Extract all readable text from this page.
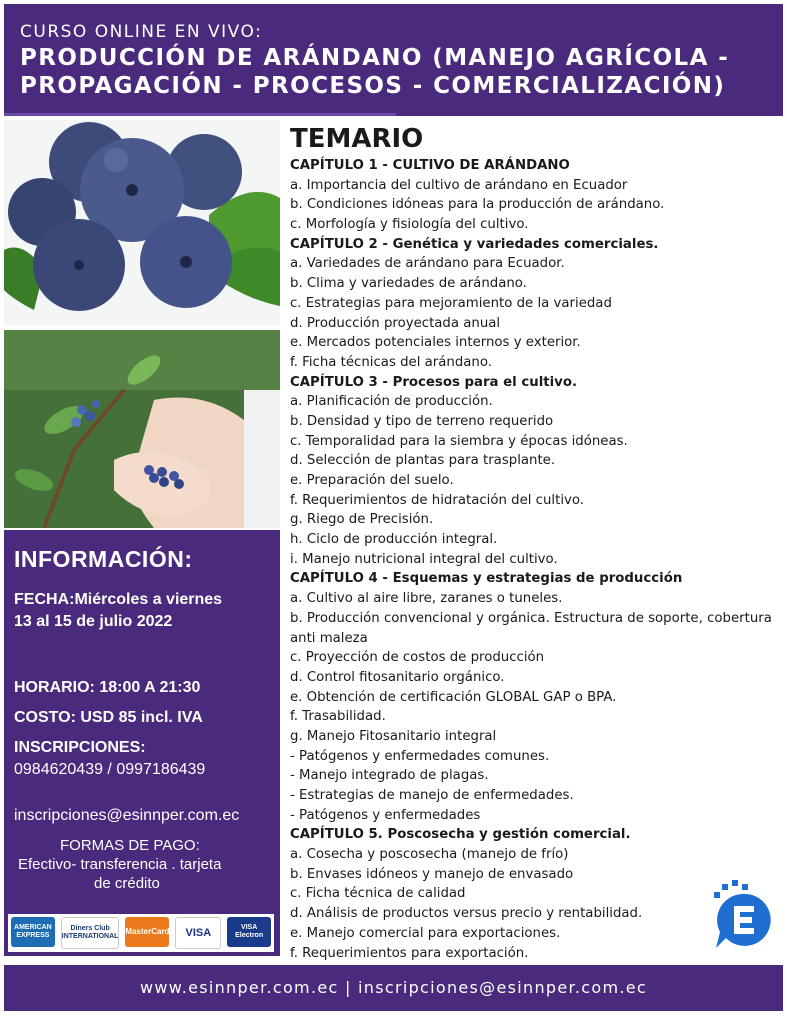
CURSO ONLINE EN VIVO:
PRODUCCIÓN DE ARÁNDANO (MANEJO AGRÍCOLA -
PROPAGACIÓN - PROCESOS - COMERCIALIZACIÓN)
INFORMACIÓN:
FECHA:Miércoles a viernes
13 al 15 de julio 2022
HORARIO: 18:00 A 21:30
COSTO: USD 85 incl. IVA
INSCRIPCIONES:
0984620439 / 0997186439
inscripciones@esinnper.com.ec
FORMAS DE PAGO:
Efectivo- transferencia . tarjeta
de crédito
AMERICAN EXPRESS
Diners Club INTERNATIONAL
MasterCard	VISA	VISA Electron
TEMARIO
CAPÍTULO 1 - CULTIVO DE ARÁNDANO
a. Importancia del cultivo de arándano en Ecuador
b. Condiciones idóneas para la producción de arándano.
c. Morfología y fisiología del cultivo.
CAPÍTULO 2 - Genética y variedades comerciales.
a. Variedades de arándano para Ecuador.
b. Clima y variedades de arándano.
c. Estrategias para mejoramiento de la variedad
d. Producción proyectada anual
e. Mercados potenciales internos y exterior.
f. Ficha técnicas del arándano.
CAPÍTULO 3 - Procesos para el cultivo.
a. Planificación de producción.
b. Densidad y tipo de terreno requerido
c. Temporalidad para la siembra y épocas idóneas.
d. Selección de plantas para trasplante.
e. Preparación del suelo.
f. Requerimientos de hidratación del cultivo.
g. Riego de Precisión.
h. Ciclo de producción integral.
i. Manejo nutricional integral del cultivo.
CAPÍTULO 4 - Esquemas y estrategias de producción
a. Cultivo al aire libre, zaranes o tuneles.
b. Producción convencional y orgánica. Estructura de soporte, cobertura anti maleza
c. Proyección de costos de producción
d. Control fitosanitario orgánico.
e. Obtención de certificación GLOBAL GAP o BPA.
f. Trasabilidad.
g. Manejo Fitosanitario integral
- Patógenos y enfermedades comunes.
- Manejo integrado de plagas.
- Estrategias de manejo de enfermedades.
- Patógenos y enfermedades
CAPÍTULO 5. Poscosecha y gestión comercial.
a. Cosecha y poscosecha (manejo de frío)
b. Envases idóneos y manejo de envasado
c. Ficha técnica de calidad
d. Análisis de productos versus precio y rentabilidad.
e. Manejo comercial para exportaciones.
f. Requerimientos para exportación.
www.esinnper.com.ec | inscripciones@esinnper.com.ec
